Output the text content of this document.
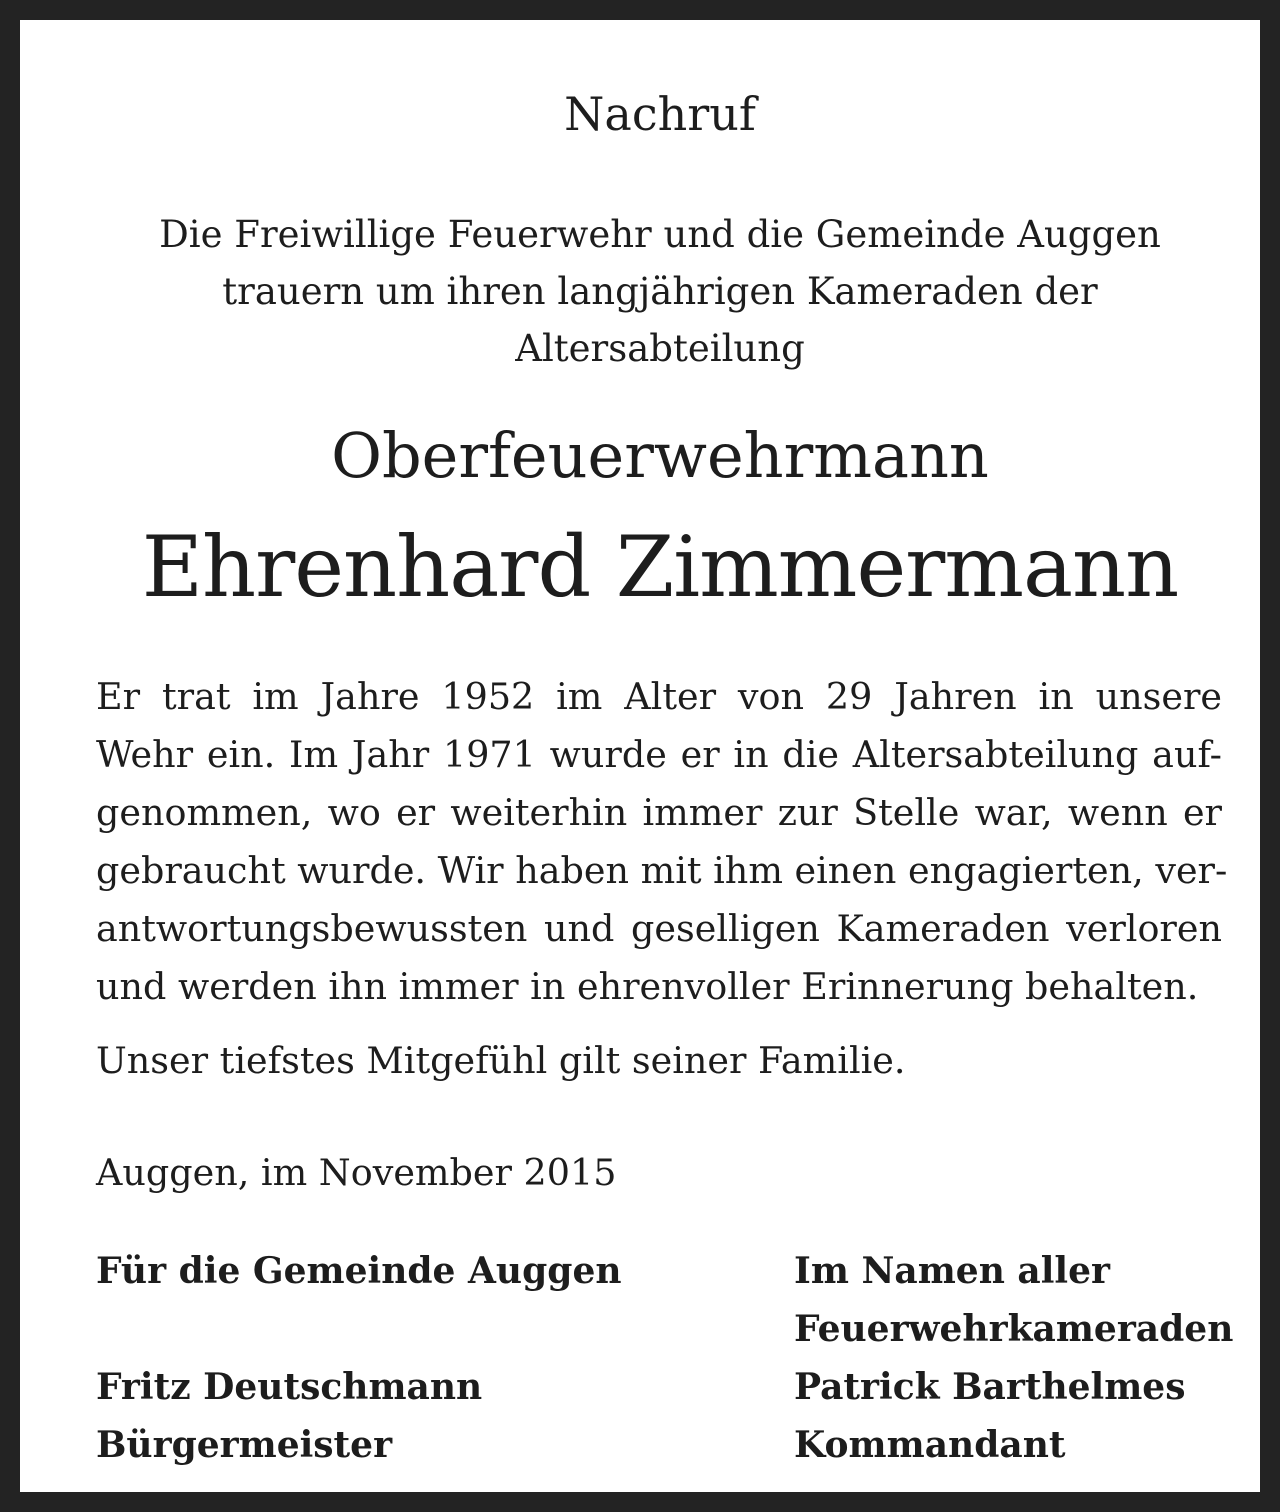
Nachruf
Die Freiwillige Feuerwehr und die Gemeinde Auggen
trauern um ihren langjährigen Kameraden der
Altersabteilung
Oberfeuerwehrmann
Ehrenhard Zimmermann
Er trat im Jahre 1952 im Alter von 29 Jahren in unsere
Wehr ein. Im Jahr 1971 wurde er in die Altersabteilung auf-
genommen, wo er weiterhin immer zur Stelle war, wenn er
gebraucht wurde. Wir haben mit ihm einen engagierten, ver-
antwortungsbewussten und geselligen Kameraden verloren
und werden ihn immer in ehrenvoller Erinnerung behalten.
Unser tiefstes Mitgefühl gilt seiner Familie.
Auggen, im November 2015
Für die Gemeinde Auggen
Fritz Deutschmann
Bürgermeister
Im Namen aller
Feuerwehrkameraden
Patrick Barthelmes
Kommandant
